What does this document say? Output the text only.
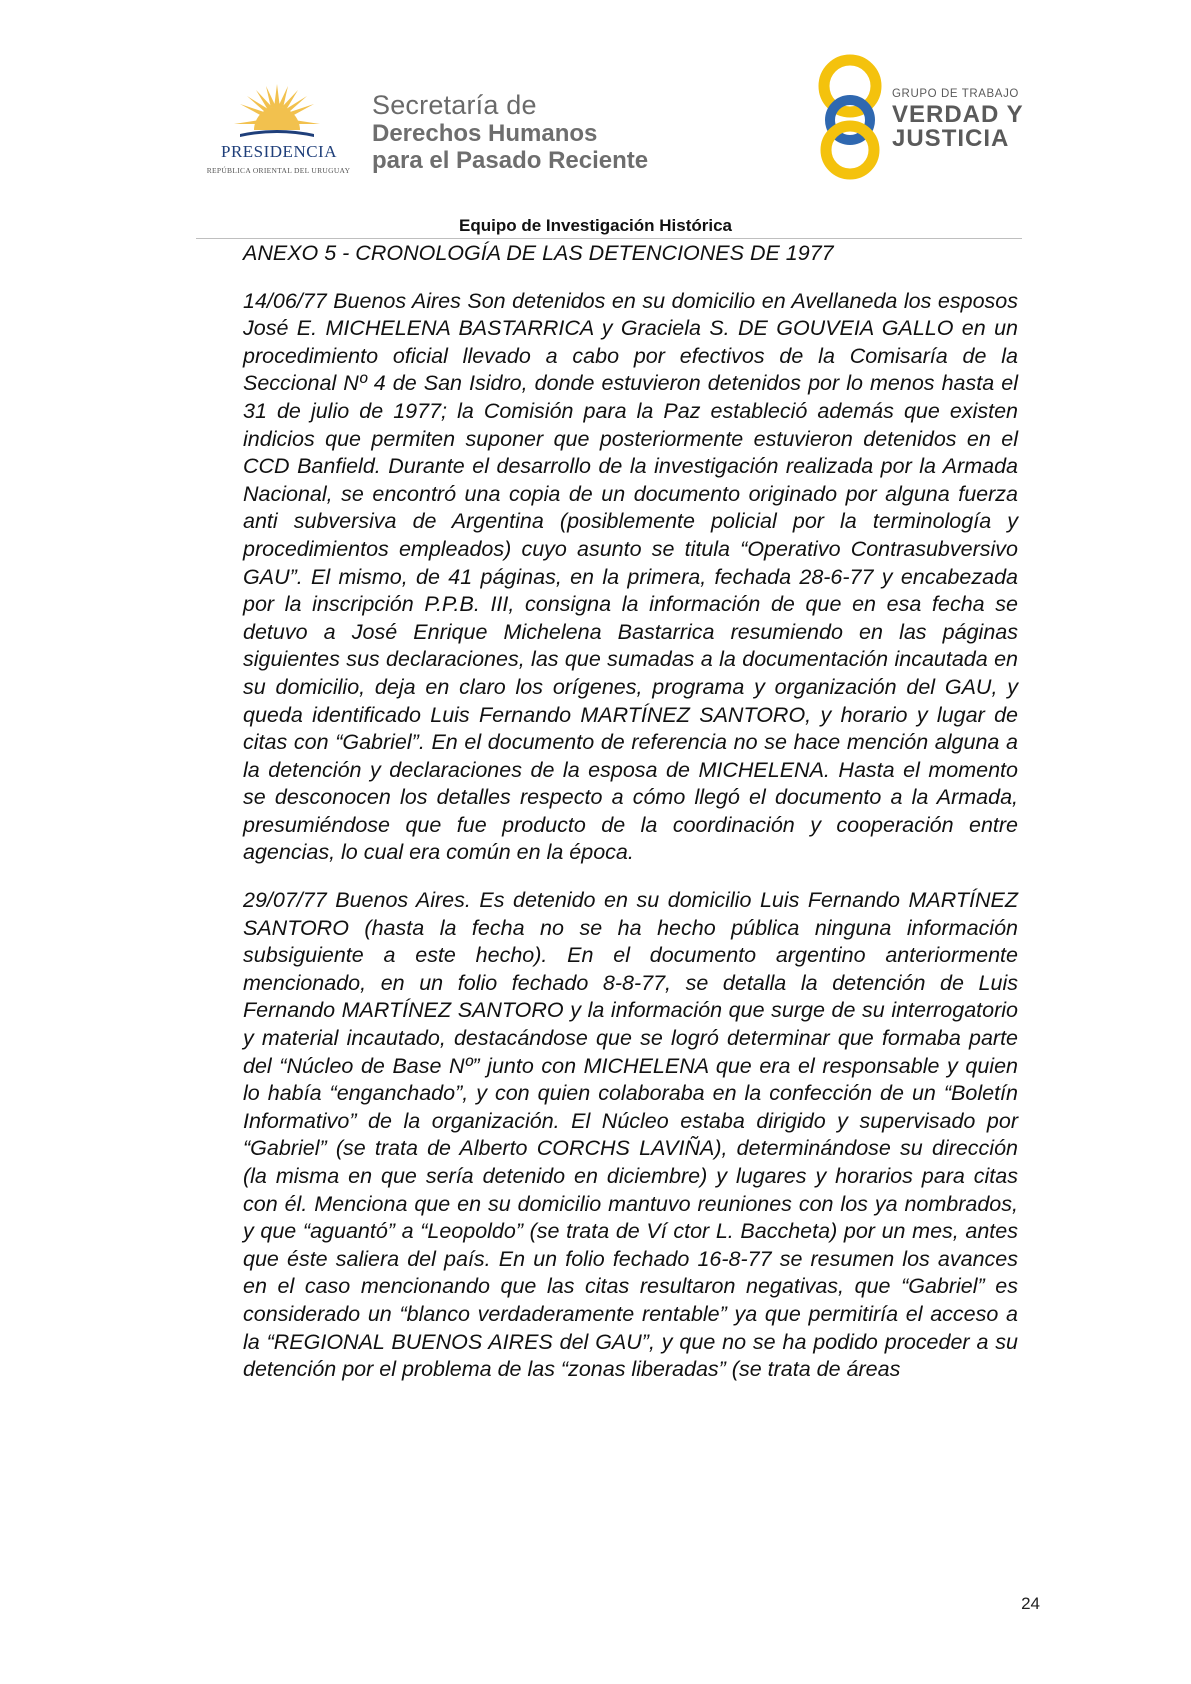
PRESIDENCIA
REPÚBLICA ORIENTAL DEL URUGUAY
Secretaría de
Derechos Humanos
para el Pasado Reciente
GRUPO DE TRABAJO
VERDAD Y
JUSTICIA
Equipo de Investigación Histórica
ANEXO 5 - CRONOLOGÍA DE LAS DETENCIONES DE 1977

14/06/77 Buenos Aires Son detenidos en su domicilio en Avellaneda los esposos José E. MICHELENA BASTARRICA y Graciela S. DE GOUVEIA GALLO en un procedimiento oficial llevado a cabo por efectivos de la Comisaría de la Seccional Nº 4 de San Isidro, donde estuvieron detenidos por lo menos hasta el 31 de julio de 1977; la Comisión para la Paz estableció además que existen indicios que permiten suponer que posteriormente estuvieron detenidos en el CCD Banfield. Durante el desarrollo de la investigación realizada por la Armada Nacional, se encontró una copia de un documento originado por alguna fuerza anti subversiva de Argentina (posiblemente policial por la terminología y procedimientos empleados) cuyo asunto se titula “Operativo Contrasubversivo GAU”. El mismo, de 41 páginas, en la primera, fechada 28-6-77 y encabezada por la inscripción P.P.B. III, consigna la información de que en esa fecha se detuvo a José Enrique Michelena Bastarrica resumiendo en las páginas siguientes sus declaraciones, las que sumadas a la documentación incautada en su domicilio, deja en claro los orígenes, programa y organización del GAU, y queda identificado Luis Fernando MARTÍNEZ SANTORO, y horario y lugar de citas con “Gabriel”. En el documento de referencia no se hace mención alguna a la detención y declaraciones de la esposa de MICHELENA. Hasta el momento se desconocen los detalles respecto a cómo llegó el documento a la Armada, presumiéndose que fue producto de la coordinación y cooperación entre agencias, lo cual era común en la época.

29/07/77 Buenos Aires. Es detenido en su domicilio Luis Fernando MARTÍNEZ SANTORO (hasta la fecha no se ha hecho pública ninguna información subsiguiente a este hecho). En el documento argentino anteriormente mencionado, en un folio fechado 8-8-77, se detalla la detención de Luis Fernando MARTÍNEZ SANTORO y la información que surge de su interrogatorio y material incautado, destacándose que se logró determinar que formaba parte del “Núcleo de Base Nº” junto con MICHELENA que era el responsable y quien lo había “enganchado”, y con quien colaboraba en la confección de un “Boletín Informativo” de la organización. El Núcleo estaba dirigido y supervisado por “Gabriel” (se trata de Alberto CORCHS LAVIÑA), determinándose su dirección (la misma en que sería detenido en diciembre) y lugares y horarios para citas con él. Menciona que en su domicilio mantuvo reuniones con los ya nombrados, y que “aguantó” a “Leopoldo” (se trata de Ví ctor L. Baccheta) por un mes, antes que éste saliera del país. En un folio fechado 16-8-77 se resumen los avances en el caso mencionando que las citas resultaron negativas, que “Gabriel” es considerado un “blanco verdaderamente rentable” ya que permitiría el acceso a la “REGIONAL BUENOS AIRES del GAU”, y que no se ha podido proceder a su detención por el problema de las “zonas liberadas” (se trata de áreas

24
